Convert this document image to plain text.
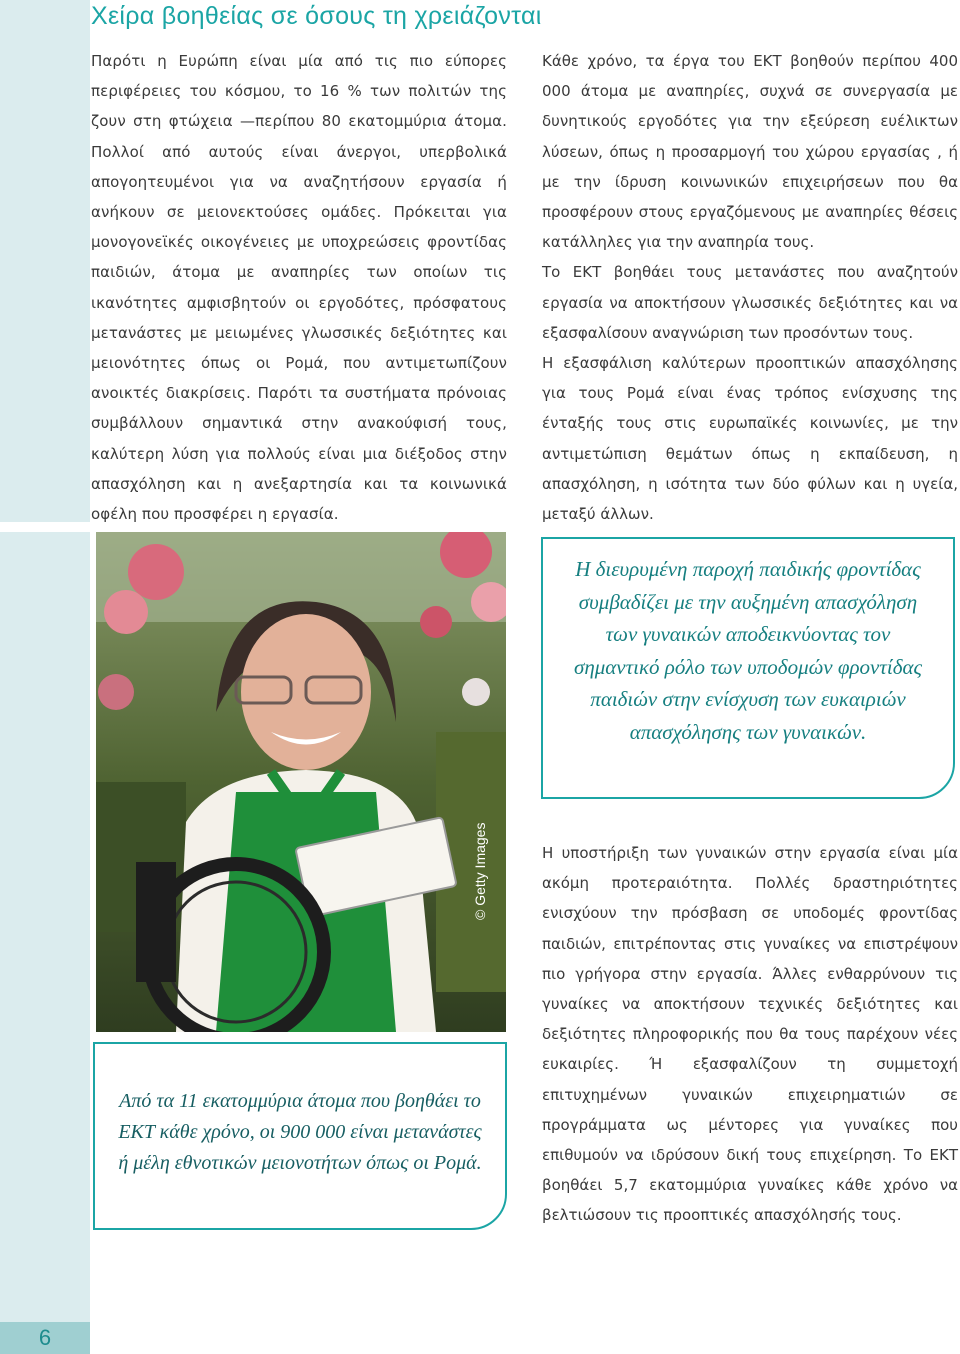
Χείρα βοηθείας σε όσους τη χρειάζονται

Παρότι η Ευρώπη είναι μία από τις πιο εύπορες περιφέρειες του κόσμου, το 16 % των πολιτών της ζουν στη φτώχεια —περίπου 80 εκατομμύρια άτομα. Πολλοί από αυτούς είναι άνεργοι, υπερβολικά απογοητευμένοι για να αναζητήσουν εργασία ή ανήκουν σε μειονεκτούσες ομάδες. Πρόκειται για μονογονεϊκές οικογένειες με υποχρεώσεις φροντίδας παιδιών, άτομα με αναπηρίες των οποίων τις ικανότητες αμφισβητούν οι εργοδότες, πρόσφατους μετανάστες με μειωμένες γλωσσικές δεξιότητες και μειονότητες όπως οι Ρομά, που αντιμετωπίζουν ανοικτές διακρίσεις. Παρότι τα συστήματα πρόνοιας συμβάλλουν σημαντικά στην ανακούφισή τους, καλύτερη λύση για πολλούς είναι μια διέξοδος στην απασχόληση και η ανεξαρτησία και τα κοινωνικά οφέλη που προσφέρει η εργασία.

Κάθε χρόνο, τα έργα του ΕΚΤ βοηθούν περίπου 400 000 άτομα με αναπηρίες, συχνά σε συνεργασία με δυνητικούς εργοδότες για την εξεύρεση ευέλικτων λύσεων, όπως η προσαρμογή του χώρου εργασίας , ή με την ίδρυση κοινωνικών επιχειρήσεων που θα προσφέρουν στους εργαζόμενους με αναπηρίες θέσεις κατάλληλες για την αναπηρία τους.

Το ΕΚΤ βοηθάει τους μετανάστες που αναζητούν εργασία να αποκτήσουν γλωσσικές δεξιότητες και να εξασφαλίσουν αναγνώριση των προσόντων τους.

Η εξασφάλιση καλύτερων προοπτικών απασχόλησης για τους Ρομά είναι ένας τρόπος ενίσχυσης της ένταξής τους στις ευρωπαϊκές κοινωνίες, με την αντιμετώπιση θεμάτων όπως η εκπαίδευση, η απασχόληση, η ισότητα των δύο φύλων και η υγεία, μεταξύ άλλων.

© Getty Images
Η διευρυμένη παροχή παιδικής φροντίδας συμβαδίζει με την αυξημένη απασχόληση των γυναικών αποδεικνύοντας τον σημαντικό ρόλο των υποδομών φροντίδας παιδιών στην ενίσχυση των ευκαιριών απασχόλησης των γυναικών.

Η υποστήριξη των γυναικών στην εργασία είναι μία ακόμη προτεραιότητα. Πολλές δραστηριότητες ενισχύουν την πρόσβαση σε υποδομές φροντίδας παιδιών, επιτρέποντας στις γυναίκες να επιστρέψουν πιο γρήγορα στην εργασία. Άλλες ενθαρρύνουν τις γυναίκες να αποκτήσουν τεχνικές δεξιότητες και δεξιότητες πληροφορικής που θα τους παρέχουν νέες ευκαιρίες. Ή εξασφαλίζουν τη συμμετοχή επιτυχημένων γυναικών επιχειρηματιών σε προγράμματα ως μέντορες για γυναίκες που επιθυμούν να ιδρύσουν δική τους επιχείρηση. Το ΕΚΤ βοηθάει 5,7 εκατομμύρια γυναίκες κάθε χρόνο να βελτιώσουν τις προοπτικές απασχόλησής τους.

Από τα 11 εκατομμύρια άτομα που βοηθάει το ΕΚΤ κάθε χρόνο, οι 900 000 είναι μετανάστες ή μέλη εθνοτικών μειονοτήτων όπως οι Ρομά.
6
